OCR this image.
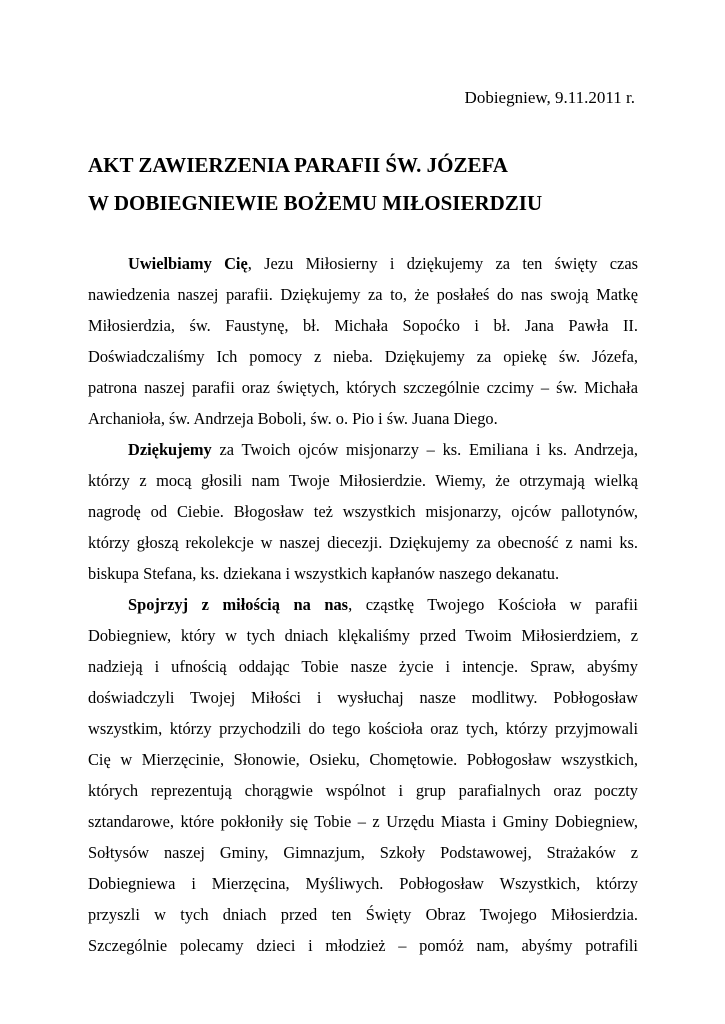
Dobiegniew, 9.11.2011 r.
AKT ZAWIERZENIA PARAFII ŚW. JÓZEFA
W DOBIEGNIEWIE BOŻEMU MIŁOSIERDZIU
Uwielbiamy Cię, Jezu Miłosierny i dziękujemy za ten święty czas
nawiedzenia naszej parafii. Dziękujemy za to, że posłałeś do nas swoją Matkę
Miłosierdzia, św. Faustynę, bł. Michała Sopoćko i bł. Jana Pawła II.
Doświadczaliśmy Ich pomocy z nieba. Dziękujemy za opiekę św. Józefa,
patrona naszej parafii oraz świętych, których szczególnie czcimy – św. Michała
Archanioła, św. Andrzeja Boboli, św. o. Pio i św. Juana Diego.
Dziękujemy za Twoich ojców misjonarzy – ks. Emiliana i ks. Andrzeja,
którzy z mocą głosili nam Twoje Miłosierdzie. Wiemy, że otrzymają wielką
nagrodę od Ciebie. Błogosław też wszystkich misjonarzy, ojców pallotynów,
którzy głoszą rekolekcje w naszej diecezji. Dziękujemy za obecność z nami ks.
biskupa Stefana, ks. dziekana i wszystkich kapłanów naszego dekanatu.
Spojrzyj z miłością na nas, cząstkę Twojego Kościoła w parafii
Dobiegniew, który w tych dniach klękaliśmy przed Twoim Miłosierdziem, z
nadzieją i ufnością oddając Tobie nasze życie i intencje. Spraw, abyśmy
doświadczyli Twojej Miłości i wysłuchaj nasze modlitwy. Pobłogosław
wszystkim, którzy przychodzili do tego kościoła oraz tych, którzy przyjmowali
Cię w Mierzęcinie, Słonowie, Osieku, Chomętowie. Pobłogosław wszystkich,
których reprezentują chorągwie wspólnot i grup parafialnych oraz poczty
sztandarowe, które pokłoniły się Tobie – z Urzędu Miasta i Gminy Dobiegniew,
Sołtysów naszej Gminy, Gimnazjum, Szkoły Podstawowej, Strażaków z
Dobiegniewa i Mierzęcina, Myśliwych. Pobłogosław Wszystkich, którzy
przyszli w tych dniach przed ten Święty Obraz Twojego Miłosierdzia.
Szczególnie polecamy dzieci i młodzież – pomóż nam, abyśmy potrafili
